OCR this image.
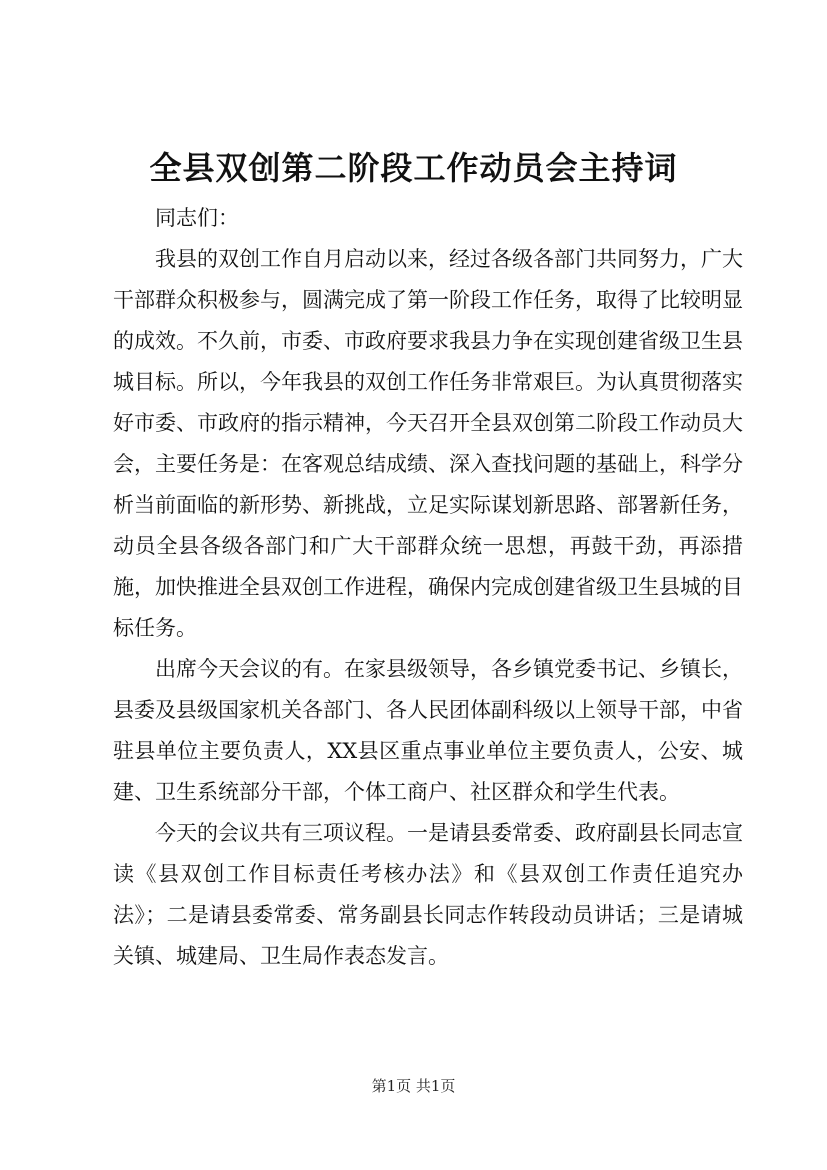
全县双创第二阶段工作动员会主持词

同志们：

我县的双创工作自月启动以来，经过各级各部门共同努力，广大干部群众积极参与，圆满完成了第一阶段工作任务，取得了比较明显的成效。不久前，市委、市政府要求我县力争在实现创建省级卫生县城目标。所以，今年我县的双创工作任务非常艰巨。为认真贯彻落实好市委、市政府的指示精神，今天召开全县双创第二阶段工作动员大会，主要任务是：在客观总结成绩、深入查找问题的基础上，科学分析当前面临的新形势、新挑战，立足实际谋划新思路、部署新任务，动员全县各级各部门和广大干部群众统一思想，再鼓干劲，再添措施，加快推进全县双创工作进程，确保内完成创建省级卫生县城的目标任务。

出席今天会议的有。在家县级领导，各乡镇党委书记、乡镇长，县委及县级国家机关各部门、各人民团体副科级以上领导干部，中省驻县单位主要负责人，XX县区重点事业单位主要负责人，公安、城建、卫生系统部分干部，个体工商户、社区群众和学生代表。

今天的会议共有三项议程。一是请县委常委、政府副县长同志宣读《县双创工作目标责任考核办法》和《县双创工作责任追究办法》；二是请县委常委、常务副县长同志作转段动员讲话；三是请城关镇、城建局、卫生局作表态发言。

第1页 共1页
